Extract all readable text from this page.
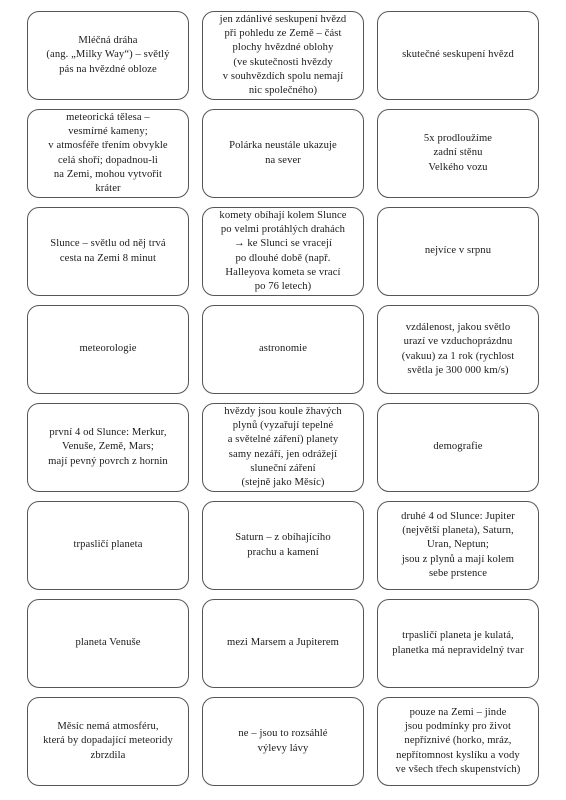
Mléčná dráha
(ang. „Milky Way“) – světlý
pás na hvězdné obloze
jen zdánlivé seskupení hvězd
při pohledu ze Země – část
plochy hvězdné oblohy
(ve skutečnosti hvězdy
v souhvězdích spolu nemají
nic společného)
skutečné seskupení hvězd
meteorická tělesa –
vesmírné kameny;
v atmosféře třením obvykle
celá shoří; dopadnou-li
na Zemi, mohou vytvořit
kráter
Polárka neustále ukazuje
na sever
5x prodloužíme
zadní stěnu
Velkého vozu
Slunce – světlu od něj trvá
cesta na Zemi 8 minut
komety obíhají kolem Slunce
po velmi protáhlých drahách
→ ke Slunci se vracejí
po dlouhé době (např.
Halleyova kometa se vrací
po 76 letech)
nejvíce v srpnu
meteorologie	astronomie
vzdálenost, jakou světlo
urazí ve vzduchoprázdnu
(vakuu) za 1 rok (rychlost
světla je 300 000 km/s)
první 4 od Slunce: Merkur,
Venuše, Země, Mars;
mají pevný povrch z hornin
hvězdy jsou koule žhavých
plynů (vyzařují tepelné
a světelné záření) planety
samy nezáří, jen odrážejí
sluneční záření
(stejně jako Měsíc)
demografie
trpasličí planeta
Saturn – z obíhajícího
prachu a kamení
druhé 4 od Slunce: Jupiter
(největší planeta), Saturn,
Uran, Neptun;
jsou z plynů a mají kolem
sebe prstence
planeta Venuše	mezi Marsem a Jupiterem
trpasličí planeta je kulatá,
planetka má nepravidelný tvar
Měsíc nemá atmosféru,
která by dopadající meteoridy
zbrzdila
ne – jsou to rozsáhlé
výlevy lávy
pouze na Zemi – jinde
jsou podmínky pro život
nepříznivé (horko, mráz,
nepřítomnost kyslíku a vody
ve všech třech skupenstvích)
